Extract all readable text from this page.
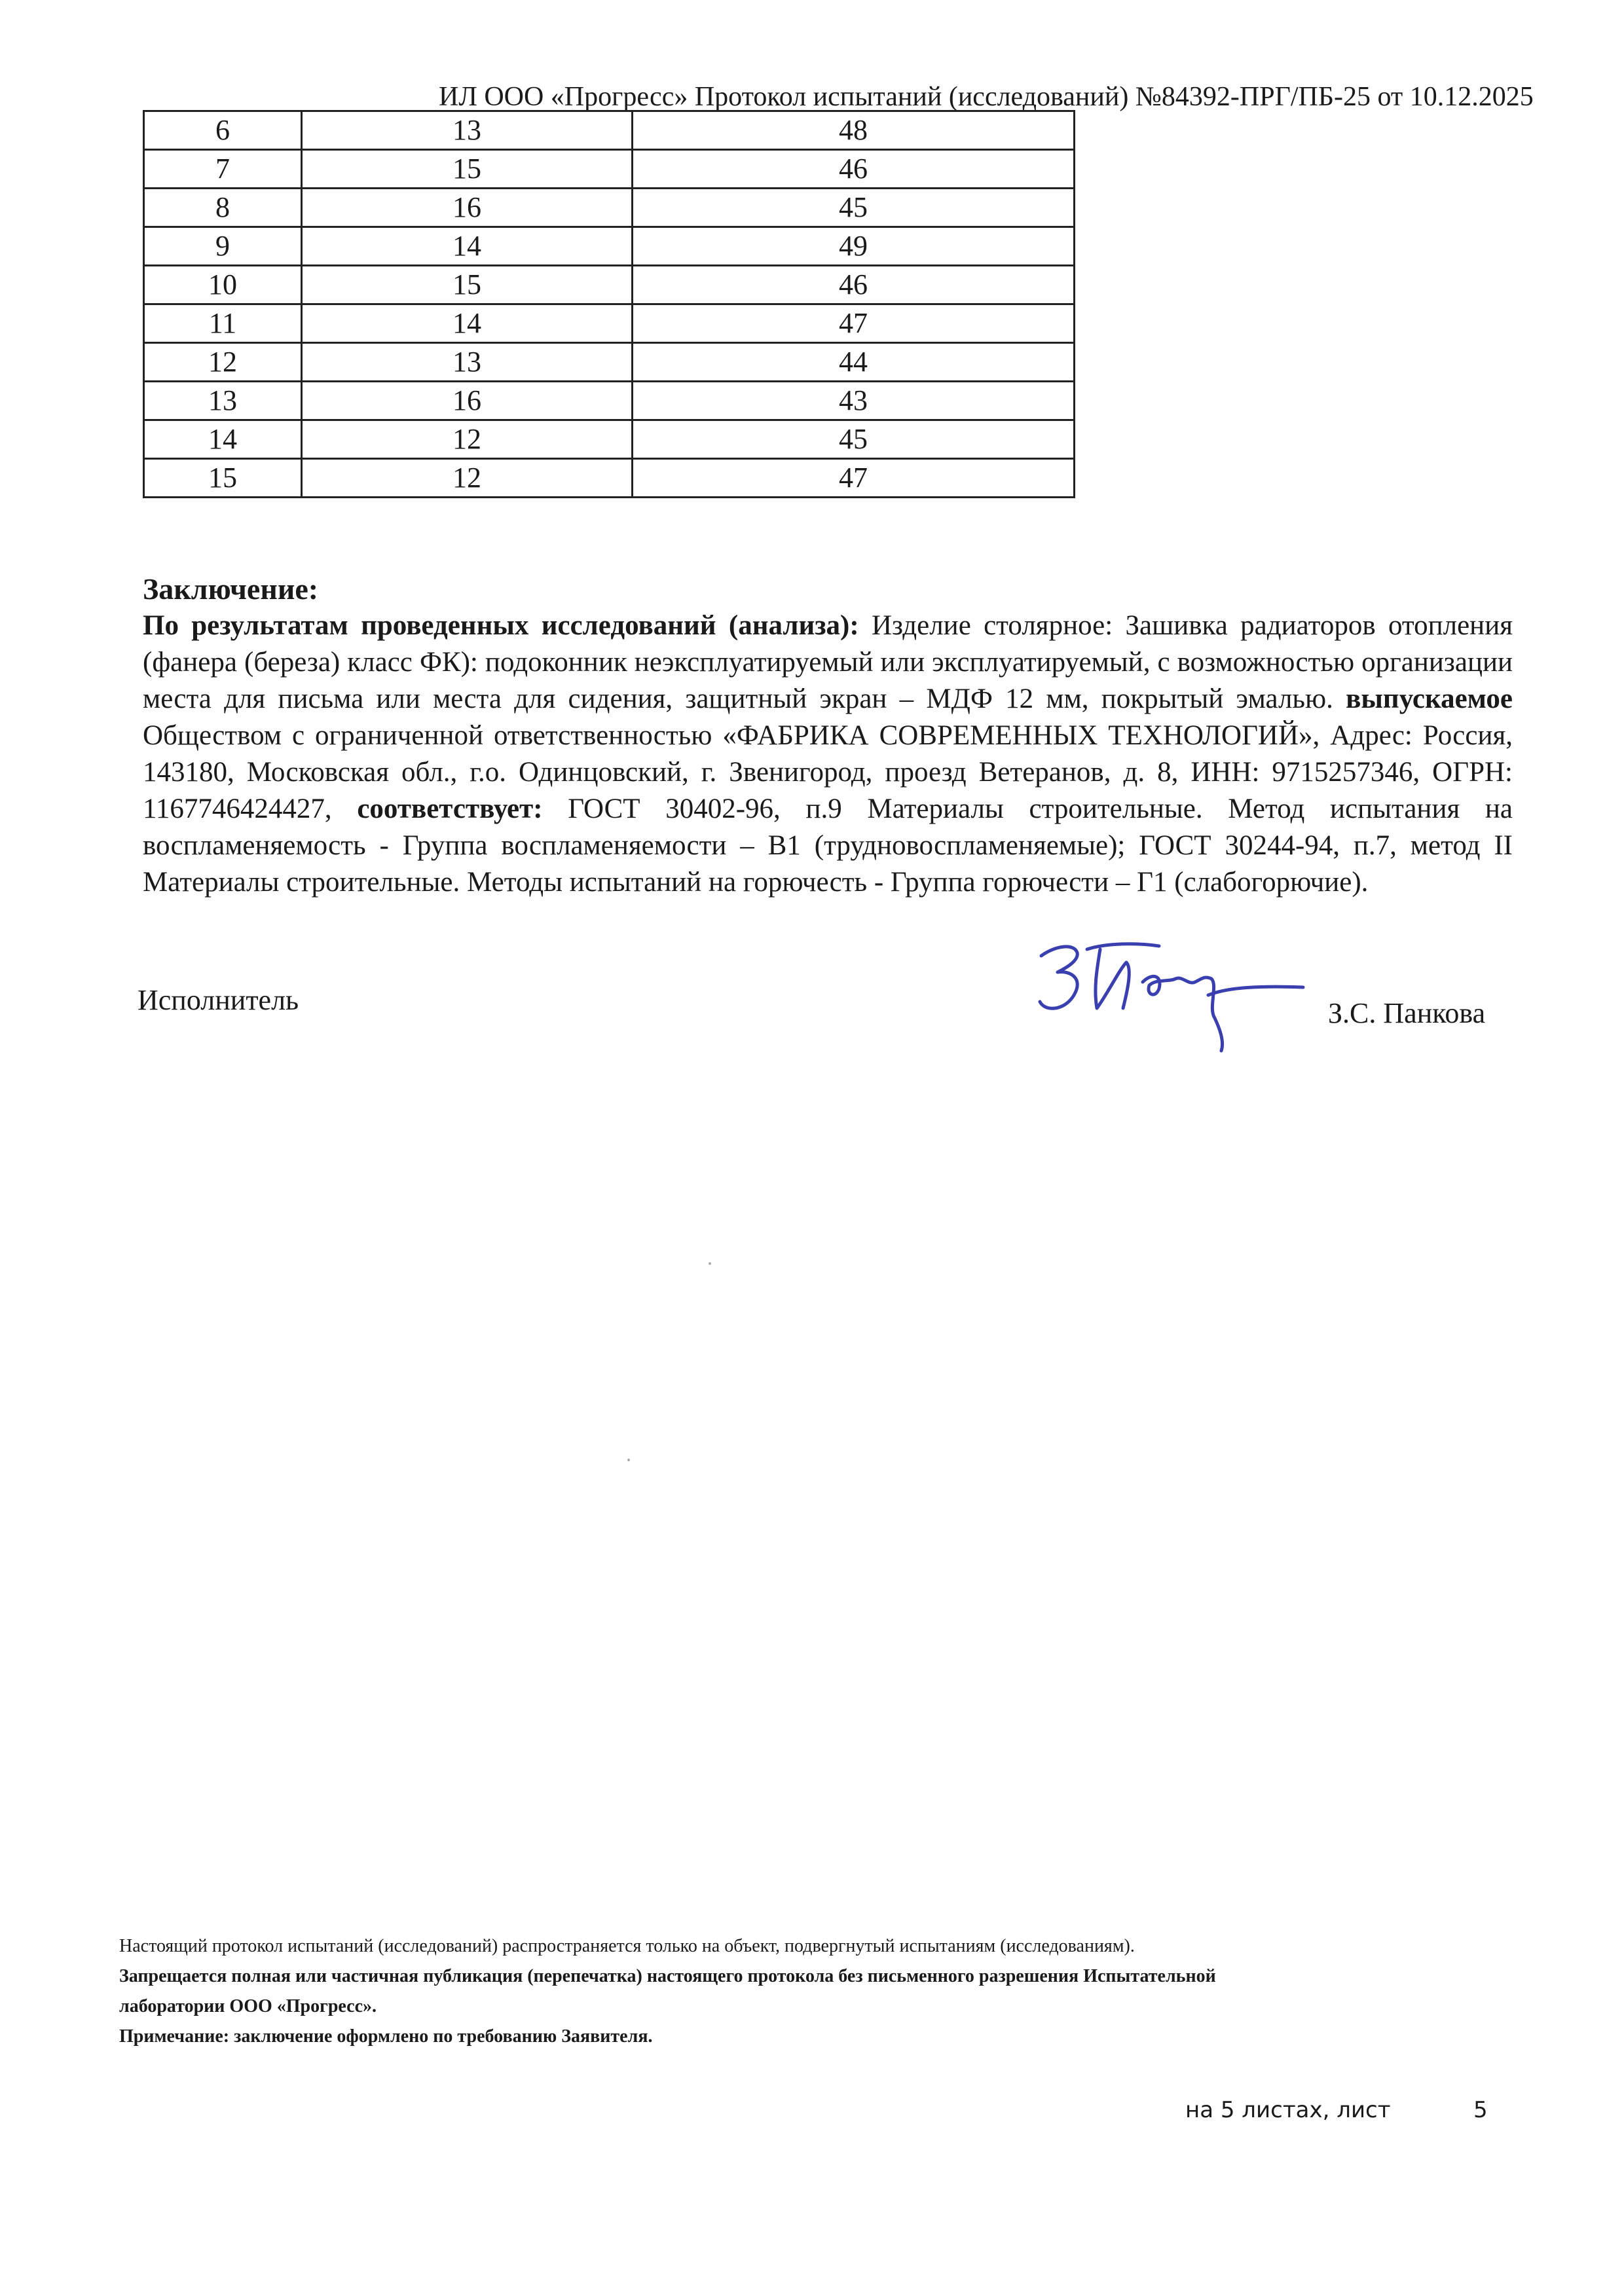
ИЛ ООО «Прогресс» Протокол испытаний (исследований) №84392-ПРГ/ПБ-25 от 10.12.2025
6	13	48
7	15	46
8	16	45
9	14	49
10	15	46
11	14	47
12	13	44
13	16	43
14	12	45
15	12	47
Заключение:

По результатам проведенных исследований (анализа): Изделие столярное: Зашивка радиаторов отопления (фанера (береза) класс ФК): подоконник неэксплуатируемый или эксплуатируемый, с возможностью организации места для письма или места для сидения, защитный экран – МДФ 12 мм, покрытый эмалью. выпускаемое Обществом с ограниченной ответственностью «ФАБРИКА СОВРЕМЕННЫХ ТЕХНОЛОГИЙ», Адрес: Россия, 143180, Московская обл., г.о. Одинцовский, г. Звенигород, проезд Ветеранов, д. 8, ИНН: 9715257346, ОГРН: 1167746424427, соответствует: ГОСТ 30402-96, п.9 Материалы строительные. Метод испытания на воспламеняемость - Группа воспламеняемости – В1 (трудновоспламеняемые); ГОСТ 30244-94, п.7, метод II Материалы строительные. Методы испытаний на горючесть - Группа горючести – Г1 (слабогорючие).

Исполнитель	З.С. Панкова
Настоящий протокол испытаний (исследований) распространяется только на объект, подвергнутый испытаниям (исследованиям).
Запрещается полная или частичная публикация (перепечатка) настоящего протокола без письменного разрешения Испытательной
лаборатории ООО «Прогресс».
Примечание: заключение оформлено по требованию Заявителя.
на 5 листах, лист	5
